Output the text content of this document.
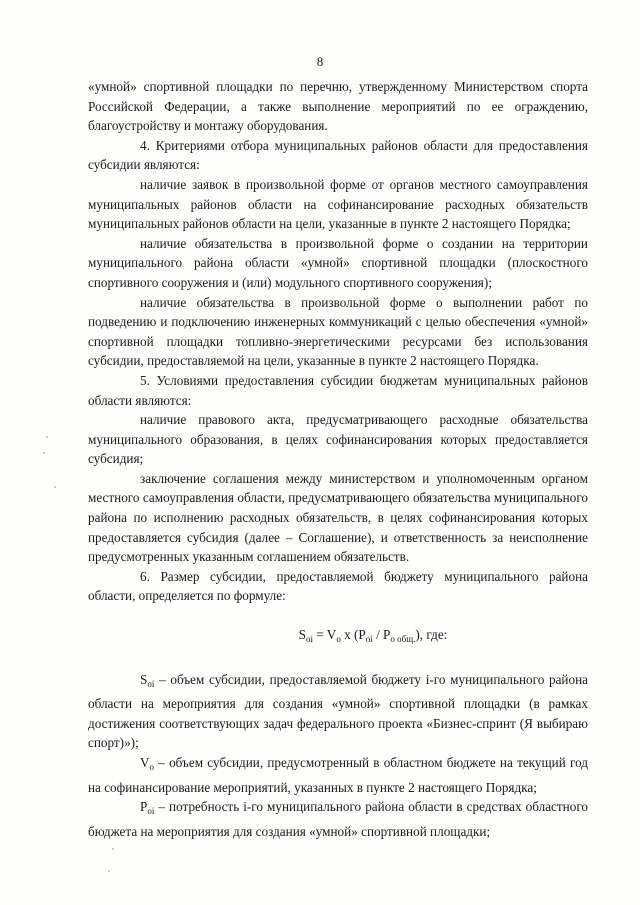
8

«умной» спортивной площадки по перечню, утвержденному Министерством спорта Российской Федерации, а также выполнение мероприятий по ее ограждению, благоустройству и монтажу оборудования.

4. Критериями отбора муниципальных районов области для предоставления субсидии являются:

наличие заявок в произвольной форме от органов местного самоуправления муниципальных районов области на софинансирование расходных обязательств муниципальных районов области на цели, указанные в пункте 2 настоящего Порядка;

наличие обязательства в произвольной форме о создании на территории муниципального района области «умной» спортивной площадки (плоскостного спортивного сооружения и (или) модульного спортивного сооружения);

наличие обязательства в произвольной форме о выполнении работ по подведению и подключению инженерных коммуникаций с целью обеспечения «умной» спортивной площадки топливно-энергетическими ресурсами без использования субсидии, предоставляемой на цели, указанные в пункте 2 настоящего Порядка.

5. Условиями предоставления субсидии бюджетам муниципальных районов области являются:

наличие правового акта, предусматривающего расходные обязательства муниципального образования, в целях софинансирования которых предоставляется субсидия;

заключение соглашения между министерством и уполномоченным органом местного самоуправления области, предусматривающего обязательства муниципального района по исполнению расходных обязательств, в целях софинансирования которых предоставляется субсидия (далее – Соглашение), и ответственность за неисполнение предусмотренных указанным соглашением обязательств.

6. Размер субсидии, предоставляемой бюджету муниципального района области, определяется по формуле:

$S_{oi} = V_o$ x $(P_{oi} / P_{o общ.})$, где:

$S_{oi}$ – объем субсидии, предоставляемой бюджету i-го муниципального района области на мероприятия для создания «умной» спортивной площадки (в рамках достижения соответствующих задач федерального проекта «Бизнес-спринт (Я выбираю спорт)»);

$V_o$ – объем субсидии, предусмотренный в областном бюджете на текущий год на софинансирование мероприятий, указанных в пункте 2 настоящего Порядка;

$P_{oi}$ – потребность i-го муниципального района области в средствах областного бюджета на мероприятия для создания «умной» спортивной площадки;
